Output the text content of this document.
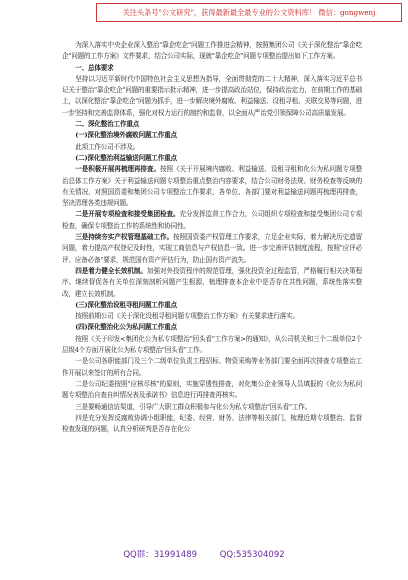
关注头条号"公文研究"，获得最新最全最专业的公文资料库！ 微信：gongwenj

为深入落实中央企业深入整治"靠企吃企"问题工作推进会精神，按照集团公司《关于深化整治"靠企吃企"问题的工作方案》文件要求，结合公司实际，现就"靠企吃企"问题专项整治提出如下工作方案。

一、总体要求

坚持以习近平新时代中国特色社会主义思想为指导，全面贯彻党的二十大精神，深入落实习近平总书记关于整治"靠企吃企"问题的重要指示批示精神，进一步提高政治站位，保持政治定力，在前期工作的基础上，以深化整治"靠企吃企"问题为抓手，进一步解决境外腐败、利益输送、设租寻租、关联交易等问题，进一步坚持和完善监督体系，强化对权力运行的制约和监督，以全面从严治党引领保障公司高质量发展。

二、深化整治工作重点

(一)深化整治境外腐败问题工作重点

此项工作公司不涉及。

(二)深化整治利益输送问题工作重点

一是积极开展再梳理再排查。按照《关于开展境内腐败、利益输送、设租寻租和化公为私问题专项整治总体工作方案》关于利益输送问题专项整治重点整治内容要求，结合公司财务法规、财务检查等反映的有关情况，对照国资委和集团公司专项整治工作要求，各单位、各部门要对利益输送问题再梳理再排查，坚决清理各类违规问题。

二是开展专项检查和接受集团检查。充分发挥监督工作合力，公司组织专项检查和接受集团公司专项检查，确保专项整治工作的系统性和协同性。

三是持续夯实产权管理基础工作。按照国资委产权管理工作要求，立足企业实际，着力解决历史遗留问题，着力提高产权登记及时性，实现工商信息与产权信息一致。进一步完善评估制度流程，按照"应评必评、应备必备"要求，规范国有资产评估行为，防止国有资产流失。

四是着力健全长效机制。加强对外投资程序的规范管理，强化投资全过程监管，严格履行相关决策程序。继续督促各有关单位深刻剖析问题产生根源，梳理排查本企业中是否存在共性问题，系统性落实整改，建立长效机制。

(三)深化整治设租寻租问题工作重点

按照前期公司《关于深化设租寻租问题专项整治工作方案》有关要求进行落实。

(四)深化整治化公为私问题工作重点

按照《关于印发<集团化公为私专项整治"回头看"工作方案>的通知》，从公司机关和三个二级单位2个层级4个方面开展化公为私专项整治"回头看"工作。

一是公司各职能部门及三个二级单位负责工程招标、物资采购等业务部门要全面再次排查专项整治工作开展以来签订的所有合同。

二是公司纪委按照"应核尽核"的原则，实施穿透性排查，对化集公企业领导人员填报的《化公为私问题专项整治自查自纠情况表及承诺书》信息进行再排查再核实。

三是要畅通信访渠道，引导广大职工群众积极参与化公为私专项整治"回头看"工作。

四是充分发挥反腐败协调小组职能，纪委、经营、财务、法律等相关部门，梳理近期专项整治、监督检查发现的问题，认真分析研判是否存在化公

QQ群：31991489	QQ:535304092
